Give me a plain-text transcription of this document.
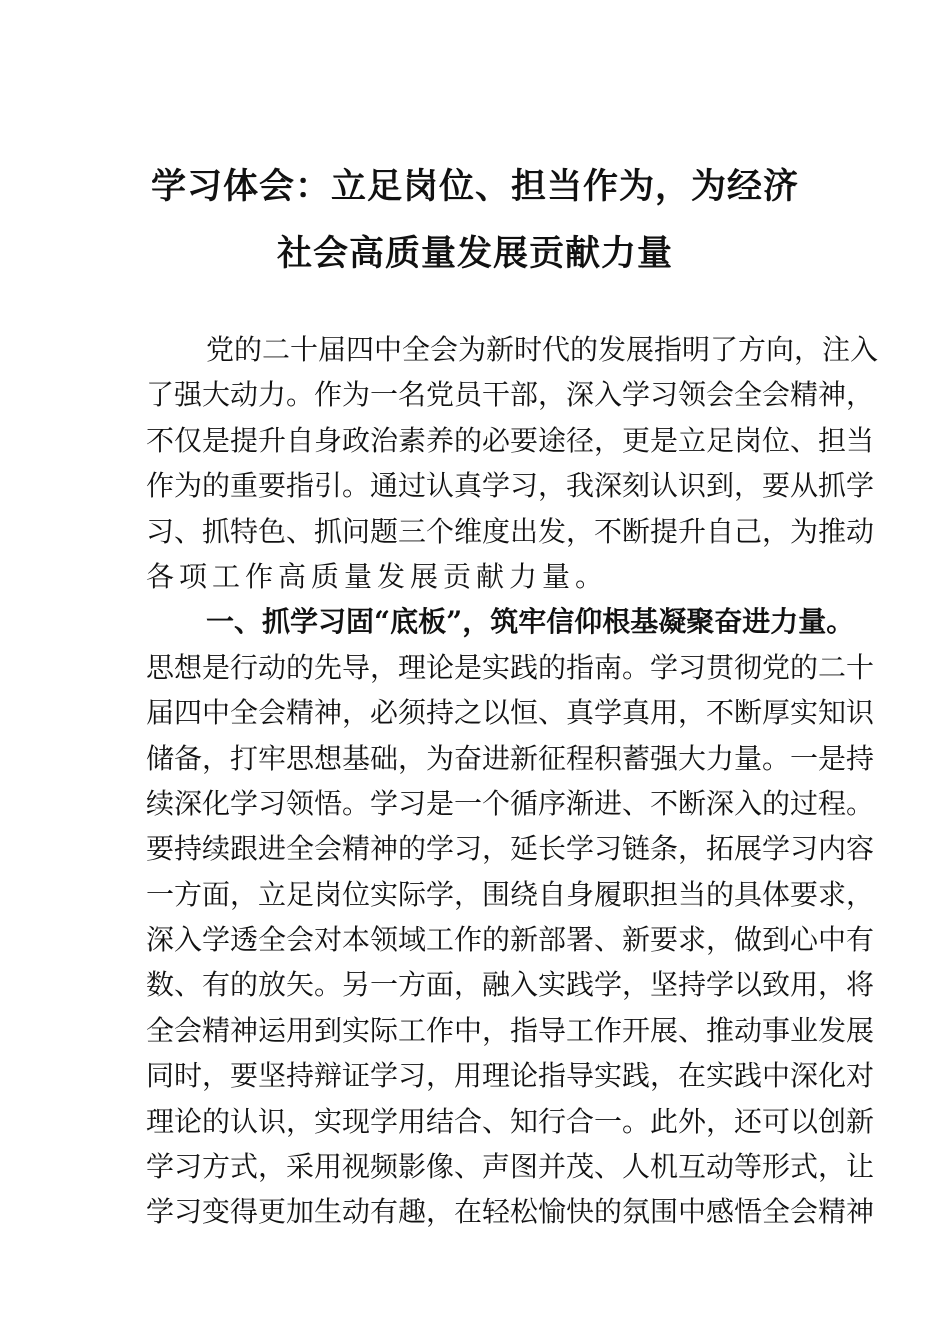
学习体会：立足岗位、担当作为，为经济
社会高质量发展贡献力量
党的二十届四中全会为新时代的发展指明了方向，注入
了强大动力。作为一名党员干部，深入学习领会全会精神，
不仅是提升自身政治素养的必要途径，更是立足岗位、担当
作为的重要指引。通过认真学习，我深刻认识到，要从抓学
习、抓特色、抓问题三个维度出发，不断提升自己，为推动
各项工作高质量发展贡献力量。
一、抓学习固“底板”，筑牢信仰根基凝聚奋进力量。
思想是行动的先导，理论是实践的指南。学习贯彻党的二十
届四中全会精神，必须持之以恒、真学真用，不断厚实知识
储备，打牢思想基础，为奋进新征程积蓄强大力量。一是持
续深化学习领悟。学习是一个循序渐进、不断深入的过程。
要持续跟进全会精神的学习，延长学习链条，拓展学习内容
一方面，立足岗位实际学，围绕自身履职担当的具体要求，
深入学透全会对本领域工作的新部署、新要求，做到心中有
数、有的放矢。另一方面，融入实践学，坚持学以致用，将
全会精神运用到实际工作中，指导工作开展、推动事业发展
同时，要坚持辩证学习，用理论指导实践，在实践中深化对
理论的认识，实现学用结合、知行合一。此外，还可以创新
学习方式，采用视频影像、声图并茂、人机互动等形式，让
学习变得更加生动有趣，在轻松愉快的氛围中感悟全会精神
